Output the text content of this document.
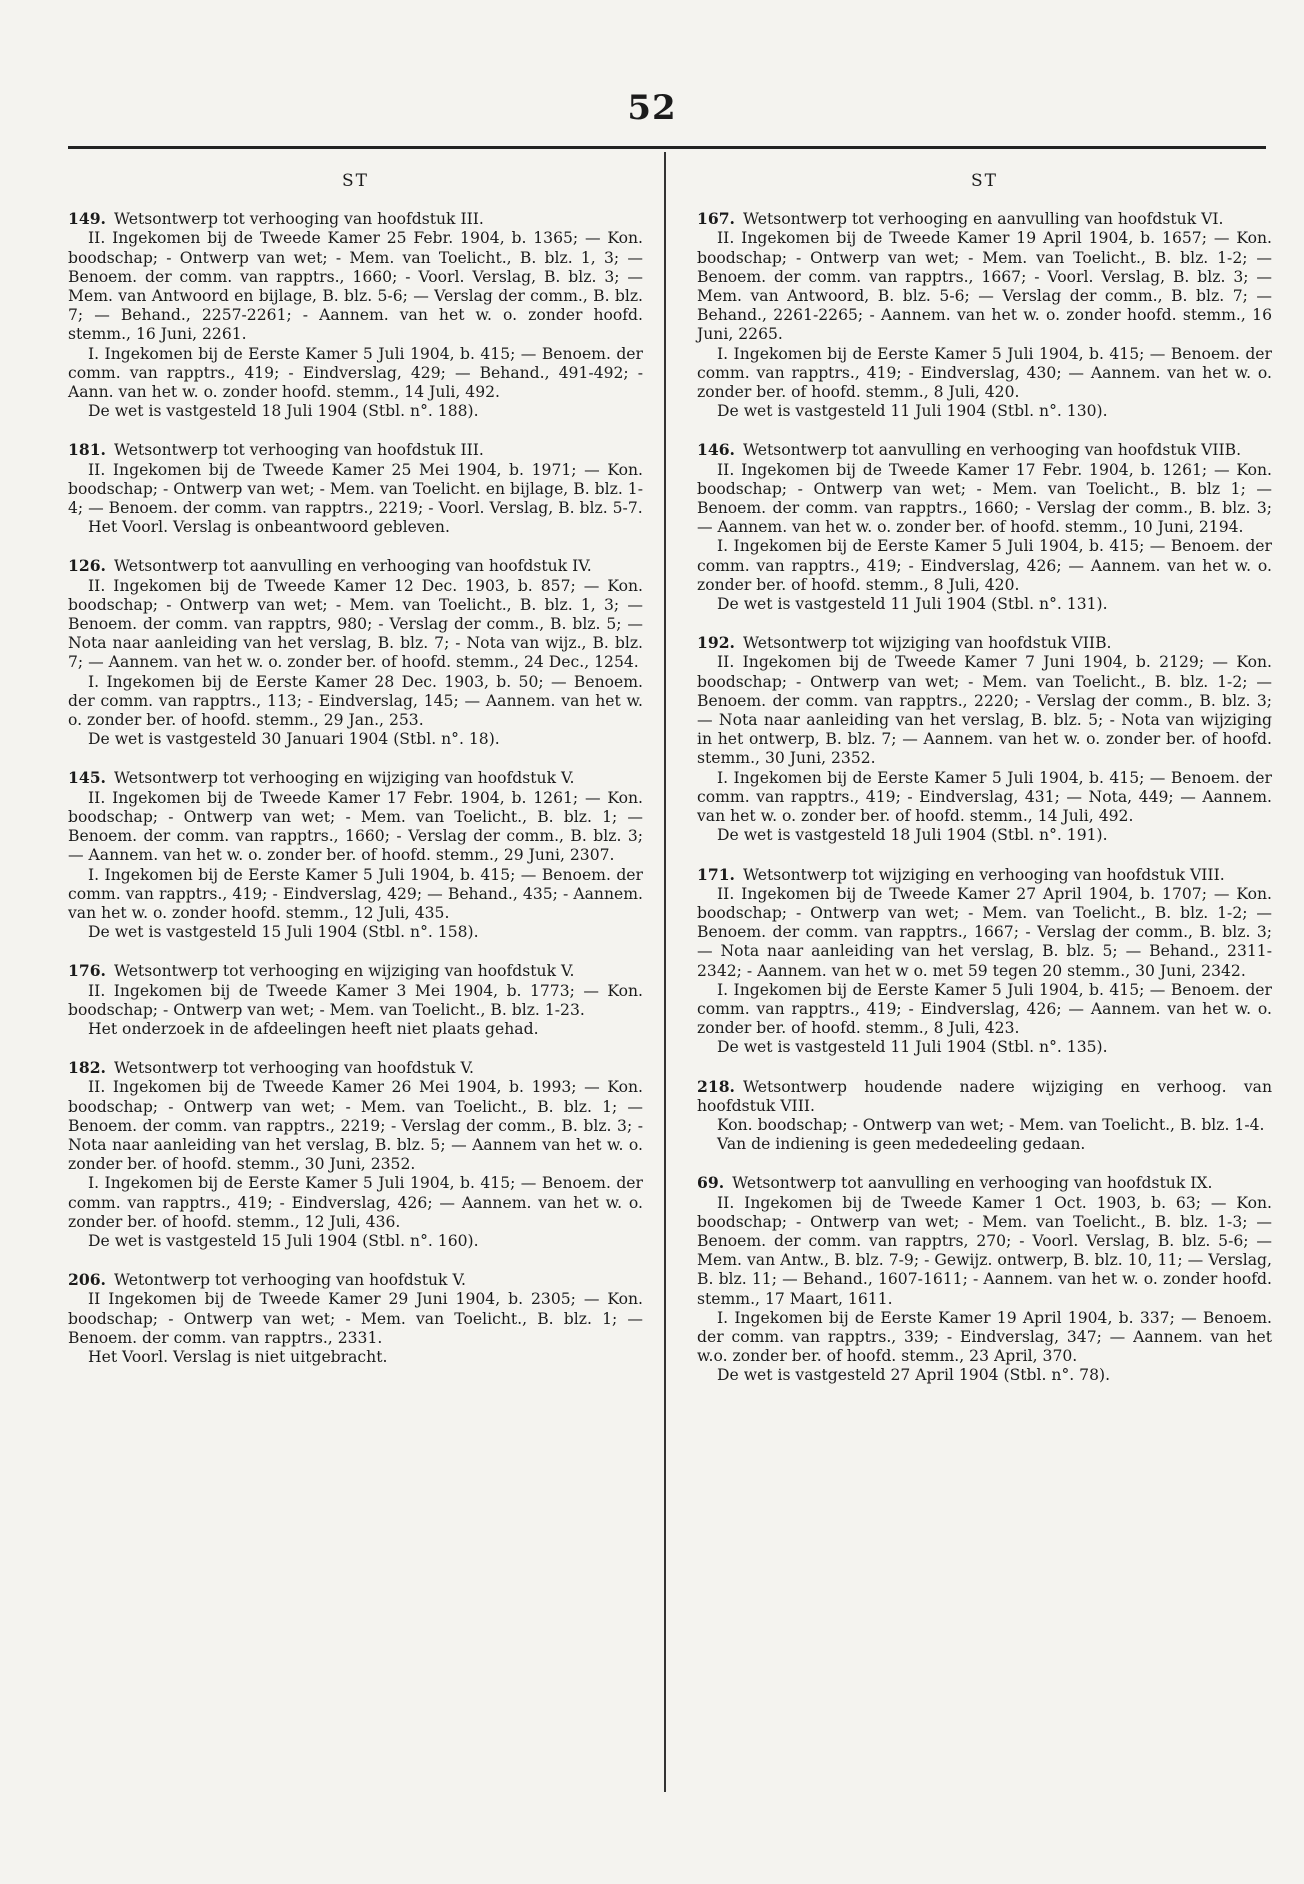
52
ST
149. Wetsontwerp tot verhooging van hoofdstuk III.
II. Ingekomen bij de Tweede Kamer 25 Febr. 1904, b. 1365; — Kon. boodschap; - Ontwerp van wet; - Mem. van Toelicht., B. blz. 1, 3; — Benoem. der comm. van rapptrs., 1660; - Voorl. Verslag, B. blz. 3; — Mem. van Antwoord en bijlage, B. blz. 5-6; — Verslag der comm., B. blz. 7; — Behand., 2257-2261; - Aannem. van het w. o. zonder hoofd. stemm., 16 Juni, 2261.
I. Ingekomen bij de Eerste Kamer 5 Juli 1904, b. 415; — Benoem. der comm. van rapptrs., 419; - Eindverslag, 429; — Behand., 491-492; - Aann. van het w. o. zonder hoofd. stemm., 14 Juli, 492.
De wet is vastgesteld 18 Juli 1904 (Stbl. n°. 188).
181. Wetsontwerp tot verhooging van hoofdstuk III.
II. Ingekomen bij de Tweede Kamer 25 Mei 1904, b. 1971; — Kon. boodschap; - Ontwerp van wet; - Mem. van Toelicht. en bijlage, B. blz. 1-4; — Benoem. der comm. van rapptrs., 2219; - Voorl. Verslag, B. blz. 5-7.
Het Voorl. Verslag is onbeantwoord gebleven.
126. Wetsontwerp tot aanvulling en verhooging van hoofdstuk IV.
II. Ingekomen bij de Tweede Kamer 12 Dec. 1903, b. 857; — Kon. boodschap; - Ontwerp van wet; - Mem. van Toelicht., B. blz. 1, 3; — Benoem. der comm. van rapptrs, 980; - Verslag der comm., B. blz. 5; — Nota naar aanleiding van het verslag, B. blz. 7; - Nota van wijz., B. blz. 7; — Aannem. van het w. o. zonder ber. of hoofd. stemm., 24 Dec., 1254.
I. Ingekomen bij de Eerste Kamer 28 Dec. 1903, b. 50; — Benoem. der comm. van rapptrs., 113; - Eindverslag, 145; — Aannem. van het w. o. zonder ber. of hoofd. stemm., 29 Jan., 253.
De wet is vastgesteld 30 Januari 1904 (Stbl. n°. 18).
145. Wetsontwerp tot verhooging en wijziging van hoofdstuk V.
II. Ingekomen bij de Tweede Kamer 17 Febr. 1904, b. 1261; — Kon. boodschap; - Ontwerp van wet; - Mem. van Toelicht., B. blz. 1; — Benoem. der comm. van rapptrs., 1660; - Verslag der comm., B. blz. 3; — Aannem. van het w. o. zonder ber. of hoofd. stemm., 29 Juni, 2307.
I. Ingekomen bij de Eerste Kamer 5 Juli 1904, b. 415; — Benoem. der comm. van rapptrs., 419; - Eindverslag, 429; — Behand., 435; - Aannem. van het w. o. zonder hoofd. stemm., 12 Juli, 435.
De wet is vastgesteld 15 Juli 1904 (Stbl. n°. 158).
176. Wetsontwerp tot verhooging en wijziging van hoofdstuk V.
II. Ingekomen bij de Tweede Kamer 3 Mei 1904, b. 1773; — Kon. boodschap; - Ontwerp van wet; - Mem. van Toelicht., B. blz. 1-23.
Het onderzoek in de afdeelingen heeft niet plaats gehad.
182. Wetsontwerp tot verhooging van hoofdstuk V.
II. Ingekomen bij de Tweede Kamer 26 Mei 1904, b. 1993; — Kon. boodschap; - Ontwerp van wet; - Mem. van Toelicht., B. blz. 1; — Benoem. der comm. van rapptrs., 2219; - Verslag der comm., B. blz. 3; - Nota naar aanleiding van het verslag, B. blz. 5; — Aannem van het w. o. zonder ber. of hoofd. stemm., 30 Juni, 2352.
I. Ingekomen bij de Eerste Kamer 5 Juli 1904, b. 415; — Benoem. der comm. van rapptrs., 419; - Eindverslag, 426; — Aannem. van het w. o. zonder ber. of hoofd. stemm., 12 Juli, 436.
De wet is vastgesteld 15 Juli 1904 (Stbl. n°. 160).
206. Wetontwerp tot verhooging van hoofdstuk V.
II Ingekomen bij de Tweede Kamer 29 Juni 1904, b. 2305; — Kon. boodschap; - Ontwerp van wet; - Mem. van Toelicht., B. blz. 1; — Benoem. der comm. van rapptrs., 2331.
Het Voorl. Verslag is niet uitgebracht.
ST
167. Wetsontwerp tot verhooging en aanvulling van hoofdstuk VI.
II. Ingekomen bij de Tweede Kamer 19 April 1904, b. 1657; — Kon. boodschap; - Ontwerp van wet; - Mem. van Toelicht., B. blz. 1-2; — Benoem. der comm. van rapptrs., 1667; - Voorl. Verslag, B. blz. 3; — Mem. van Antwoord, B. blz. 5-6; — Verslag der comm., B. blz. 7; — Behand., 2261-2265; - Aannem. van het w. o. zonder hoofd. stemm., 16 Juni, 2265.
I. Ingekomen bij de Eerste Kamer 5 Juli 1904, b. 415; — Benoem. der comm. van rapptrs., 419; - Eindverslag, 430; — Aannem. van het w. o. zonder ber. of hoofd. stemm., 8 Juli, 420.
De wet is vastgesteld 11 Juli 1904 (Stbl. n°. 130).
146. Wetsontwerp tot aanvulling en verhooging van hoofdstuk VIIB.
II. Ingekomen bij de Tweede Kamer 17 Febr. 1904, b. 1261; — Kon. boodschap; - Ontwerp van wet; - Mem. van Toelicht., B. blz 1; — Benoem. der comm. van rapptrs., 1660; - Verslag der comm., B. blz. 3; — Aannem. van het w. o. zonder ber. of hoofd. stemm., 10 Juni, 2194.
I. Ingekomen bij de Eerste Kamer 5 Juli 1904, b. 415; — Benoem. der comm. van rapptrs., 419; - Eindverslag, 426; — Aannem. van het w. o. zonder ber. of hoofd. stemm., 8 Juli, 420.
De wet is vastgesteld 11 Juli 1904 (Stbl. n°. 131).
192. Wetsontwerp tot wijziging van hoofdstuk VIIB.
II. Ingekomen bij de Tweede Kamer 7 Juni 1904, b. 2129; — Kon. boodschap; - Ontwerp van wet; - Mem. van Toelicht., B. blz. 1-2; — Benoem. der comm. van rapptrs., 2220; - Verslag der comm., B. blz. 3; — Nota naar aanleiding van het verslag, B. blz. 5; - Nota van wijziging in het ontwerp, B. blz. 7; — Aannem. van het w. o. zonder ber. of hoofd. stemm., 30 Juni, 2352.
I. Ingekomen bij de Eerste Kamer 5 Juli 1904, b. 415; — Benoem. der comm. van rapptrs., 419; - Eindverslag, 431; — Nota, 449; — Aannem. van het w. o. zonder ber. of hoofd. stemm., 14 Juli, 492.
De wet is vastgesteld 18 Juli 1904 (Stbl. n°. 191).
171. Wetsontwerp tot wijziging en verhooging van hoofdstuk VIII.
II. Ingekomen bij de Tweede Kamer 27 April 1904, b. 1707; — Kon. boodschap; - Ontwerp van wet; - Mem. van Toelicht., B. blz. 1-2; — Benoem. der comm. van rapptrs., 1667; - Verslag der comm., B. blz. 3; — Nota naar aanleiding van het verslag, B. blz. 5; — Behand., 2311-2342; - Aannem. van het w o. met 59 tegen 20 stemm., 30 Juni, 2342.
I. Ingekomen bij de Eerste Kamer 5 Juli 1904, b. 415; — Benoem. der comm. van rapptrs., 419; - Eindverslag, 426; — Aannem. van het w. o. zonder ber. of hoofd. stemm., 8 Juli, 423.
De wet is vastgesteld 11 Juli 1904 (Stbl. n°. 135).
218. Wetsontwerp houdende nadere wijziging en verhoog. van hoofdstuk VIII.
Kon. boodschap; - Ontwerp van wet; - Mem. van Toelicht., B. blz. 1-4.
Van de indiening is geen mededeeling gedaan.
69. Wetsontwerp tot aanvulling en verhooging van hoofdstuk IX.
II. Ingekomen bij de Tweede Kamer 1 Oct. 1903, b. 63; — Kon. boodschap; - Ontwerp van wet; - Mem. van Toelicht., B. blz. 1-3; — Benoem. der comm. van rapptrs, 270; - Voorl. Verslag, B. blz. 5-6; — Mem. van Antw., B. blz. 7-9; - Gewijz. ontwerp, B. blz. 10, 11; — Verslag, B. blz. 11; — Behand., 1607-1611; - Aannem. van het w. o. zonder hoofd. stemm., 17 Maart, 1611.
I. Ingekomen bij de Eerste Kamer 19 April 1904, b. 337; — Benoem. der comm. van rapptrs., 339; - Eindverslag, 347; — Aannem. van het w.o. zonder ber. of hoofd. stemm., 23 April, 370.
De wet is vastgesteld 27 April 1904 (Stbl. n°. 78).
